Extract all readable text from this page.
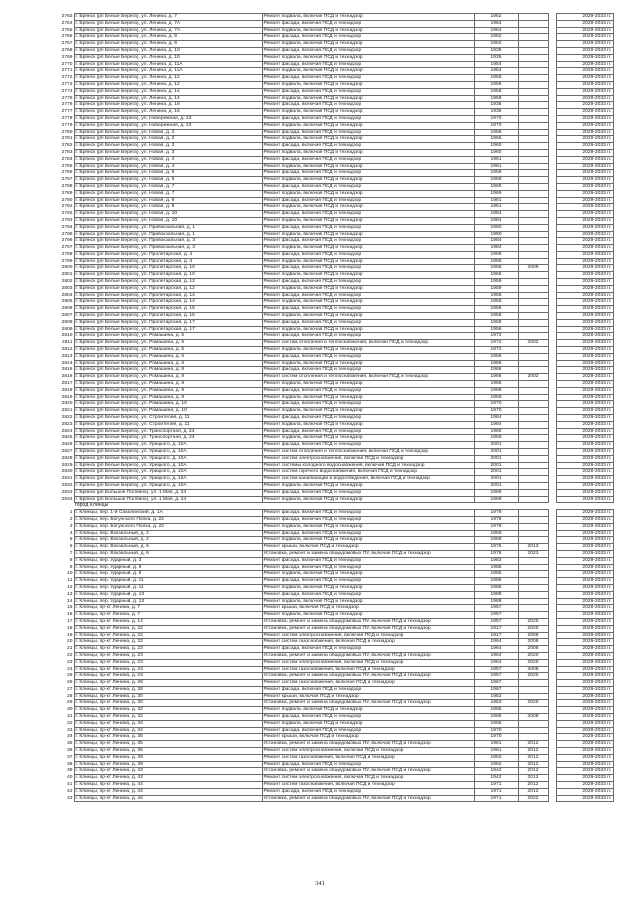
2763	г. Брянск (рп Белые Берега), ул. Ленина, д. 7	Ремонт подвала, включая ПСД и технадзор	1962			2029-2033 гг.
2764	г. Брянск (рп Белые Берега), ул. Ленина, д. 7А	Ремонт фасада, включая ПСД и технадзор	1964			2029-2033 гг.
2765	г. Брянск (рп Белые Берега), ул. Ленина, д. 7А	Ремонт подвала, включая ПСД и технадзор	1964			2029-2033 гг.
2766	г. Брянск (рп Белые Берега), ул. Ленина, д. 9	Ремонт фасада, включая ПСД и технадзор	1962			2029-2033 гг.
2767	г. Брянск (рп Белые Берега), ул. Ленина, д. 9	Ремонт подвала, включая ПСД и технадзор	1962			2029-2033 гг.
2768	г. Брянск (рп Белые Берега), ул. Ленина, д. 10	Ремонт фасада, включая ПСД и технадзор	1935			2029-2033 гг.
2769	г. Брянск (рп Белые Берега), ул. Ленина, д. 10	Ремонт подвала, включая ПСД и технадзор	1935			2029-2033 гг.
2770	г. Брянск (рп Белые Берега), ул. Ленина, д. 11А	Ремонт фасада, включая ПСД и технадзор	1954			2029-2033 гг.
2771	г. Брянск (рп Белые Берега), ул. Ленина, д. 11А	Ремонт подвала, включая ПСД и технадзор	1954			2029-2033 гг.
2772	г. Брянск (рп Белые Берега), ул. Ленина, д. 12	Ремонт фасада, включая ПСД и технадзор	1958			2029-2033 гг.
2773	г. Брянск (рп Белые Берега), ул. Ленина, д. 12	Ремонт подвала, включая ПСД и технадзор	1958			2029-2033 гг.
2774	г. Брянск (рп Белые Берега), ул. Ленина, д. 14	Ремонт фасада, включая ПСД и технадзор	1958			2029-2033 гг.
2775	г. Брянск (рп Белые Берега), ул. Ленина, д. 14	Ремонт подвала, включая ПСД и технадзор	1958			2029-2033 гг.
2776	г. Брянск (рп Белые Берега), ул. Ленина, д. 16	Ремонт фасада, включая ПСД и технадзор	1935			2029-2033 гг.
2777	г. Брянск (рп Белые Берега), ул. Ленина, д. 16	Ремонт подвала, включая ПСД и технадзор	1935			2029-2033 гг.
2778	г. Брянск (рп Белые Берега), ул. Набережная, д. 13	Ремонт фасада, включая ПСД и технадзор	1970			2029-2033 гг.
2779	г. Брянск (рп Белые Берега), ул. Набережная, д. 13	Ремонт подвала, включая ПСД и технадзор	1970			2029-2033 гг.
2780	г. Брянск (рп Белые Берега), ул. Новая, д. 2	Ремонт фасада, включая ПСД и технадзор	1966			2029-2033 гг.
2781	г. Брянск (рп Белые Берега), ул. Новая, д. 2	Ремонт подвала, включая ПСД и технадзор	1966			2029-2033 гг.
2782	г. Брянск (рп Белые Берега), ул. Новая, д. 3	Ремонт фасада, включая ПСД и технадзор	1960			2029-2033 гг.
2783	г. Брянск (рп Белые Берега), ул. Новая, д. 3	Ремонт подвала, включая ПСД и технадзор	1960			2029-2033 гг.
2784	г. Брянск (рп Белые Берега), ул. Новая, д. 4	Ремонт фасада, включая ПСД и технадзор	1961			2029-2033 гг.
2785	г. Брянск (рп Белые Берега), ул. Новая, д. 4	Ремонт подвала, включая ПСД и технадзор	1961			2029-2033 гг.
2786	г. Брянск (рп Белые Берега), ул. Новая, д. 5	Ремонт фасада, включая ПСД и технадзор	1959			2029-2033 гг.
2787	г. Брянск (рп Белые Берега), ул. Новая, д. 5	Ремонт подвала, включая ПСД и технадзор	1959			2029-2033 гг.
2788	г. Брянск (рп Белые Берега), ул. Новая, д. 7	Ремонт фасада, включая ПСД и технадзор	1969			2029-2033 гг.
2789	г. Брянск (рп Белые Берега), ул. Новая, д. 7	Ремонт подвала, включая ПСД и технадзор	1969			2029-2033 гг.
2790	г. Брянск (рп Белые Берега), ул. Новая, д. 8	Ремонт фасада, включая ПСД и технадзор	1961			2029-2033 гг.
2791	г. Брянск (рп Белые Берега), ул. Новая, д. 8	Ремонт подвала, включая ПСД и технадзор	1961			2029-2033 гг.
2792	г. Брянск (рп Белые Берега), ул. Новая, д. 10	Ремонт фасада, включая ПСД и технадзор	1984			2029-2033 гг.
2793	г. Брянск (рп Белые Берега), ул. Новая, д. 10	Ремонт подвала, включая ПСД и технадзор	1984			2029-2033 гг.
2794	г. Брянск (рп Белые Берега), ул. Привокзальная, д. 1	Ремонт фасада, включая ПСД и технадзор	1980			2029-2033 гг.
2795	г. Брянск (рп Белые Берега), ул. Привокзальная, д. 1	Ремонт подвала, включая ПСД и технадзор	1980			2029-2033 гг.
2796	г. Брянск (рп Белые Берега), ул. Привокзальная, д. 3	Ремонт фасада, включая ПСД и технадзор	1984			2029-2033 гг.
2797	г. Брянск (рп Белые Берега), ул. Привокзальная, д. 3	Ремонт подвала, включая ПСД и технадзор	1984			2029-2033 гг.
2798	г. Брянск (рп Белые Берега), ул. Пролетарская, д. 4	Ремонт фасада, включая ПСД и технадзор	1968			2029-2033 гг.
2799	г. Брянск (рп Белые Берега), ул. Пролетарская, д. 4	Ремонт подвала, включая ПСД и технадзор	1968			2029-2033 гг.
2800	г. Брянск (рп Белые Берега), ул. Пролетарская, д. 10	Ремонт фасада, включая ПСД и технадзор	1966	2009		2029-2033 гг.
2801	г. Брянск (рп Белые Берега), ул. Пролетарская, д. 10	Ремонт подвала, включая ПСД и технадзор	1966			2029-2033 гг.
2802	г. Брянск (рп Белые Берега), ул. Пролетарская, д. 12	Ремонт фасада, включая ПСД и технадзор	1959			2029-2033 гг.
2803	г. Брянск (рп Белые Берега), ул. Пролетарская, д. 12	Ремонт подвала, включая ПСД и технадзор	1959			2029-2033 гг.
2804	г. Брянск (рп Белые Берега), ул. Пролетарская, д. 14	Ремонт фасада, включая ПСД и технадзор	1958			2029-2033 гг.
2805	г. Брянск (рп Белые Берега), ул. Пролетарская, д. 14	Ремонт подвала, включая ПСД и технадзор	1958			2029-2033 гг.
2806	г. Брянск (рп Белые Берега), ул. Пролетарская, д. 15	Ремонт фасада, включая ПСД и технадзор	1958			2029-2033 гг.
2807	г. Брянск (рп Белые Берега), ул. Пролетарская, д. 15	Ремонт подвала, включая ПСД и технадзор	1958			2029-2033 гг.
2808	г. Брянск (рп Белые Берега), ул. Пролетарская, д. 17	Ремонт фасада, включая ПСД и технадзор	1958			2029-2033 гг.
2809	г. Брянск (рп Белые Берега), ул. Пролетарская, д. 17	Ремонт подвала, включая ПСД и технадзор	1958			2029-2033 гг.
2810	г. Брянск (рп Белые Берега), ул. Ромашина, д. 5	Ремонт фасада, включая ПСД и технадзор	1972			2029-2033 гг.
2811	г. Брянск (рп Белые Берега), ул. Ромашина, д. 5	Ремонт систем отопления и теплоснабжения, включая ПСД и технадзор	1972	2002		2029-2033 гг.
2812	г. Брянск (рп Белые Берега), ул. Ромашина, д. 5	Ремонт подвала, включая ПСД и технадзор	1972			2029-2033 гг.
2813	г. Брянск (рп Белые Берега), ул. Ромашина, д. 6	Ремонт фасада, включая ПСД и технадзор	1966			2029-2033 гг.
2814	г. Брянск (рп Белые Берега), ул. Ромашина, д. 6	Ремонт подвала, включая ПСД и технадзор	1966			2029-2033 гг.
2815	г. Брянск (рп Белые Берега), ул. Ромашина, д. 8	Ремонт фасада, включая ПСД и технадзор	1966			2029-2033 гг.
2816	г. Брянск (рп Белые Берега), ул. Ромашина, д. 8	Ремонт систем отопления и теплоснабжения, включая ПСД и технадзор	1966	2002		2029-2033 гг.
2817	г. Брянск (рп Белые Берега), ул. Ромашина, д. 8	Ремонт подвала, включая ПСД и технадзор	1966			2029-2033 гг.
2818	г. Брянск (рп Белые Берега), ул. Ромашина, д. 9	Ремонт фасада, включая ПСД и технадзор	1969			2029-2033 гг.
2819	г. Брянск (рп Белые Берега), ул. Ромашина, д. 9	Ремонт подвала, включая ПСД и технадзор	1969			2029-2033 гг.
2820	г. Брянск (рп Белые Берега), ул. Ромашина, д. 10	Ремонт фасада, включая ПСД и технадзор	1970			2029-2033 гг.
2821	г. Брянск (рп Белые Берега), ул. Ромашина, д. 10	Ремонт подвала, включая ПСД и технадзор	1970			2029-2033 гг.
2822	г. Брянск (рп Белые Берега), ул. Строителей, д. 11	Ремонт фасада, включая ПСД и технадзор	1984			2029-2033 гг.
2823	г. Брянск (рп Белые Берега), ул. Строителей, д. 11	Ремонт подвала, включая ПСД и технадзор	1984			2029-2033 гг.
2824	г. Брянск (рп Белые Берега), ул. Транспортная, д. 24	Ремонт фасада, включая ПСД и технадзор	1969			2029-2033 гг.
2825	г. Брянск (рп Белые Берега), ул. Транспортная, д. 24	Ремонт подвала, включая ПСД и технадзор	1969			2029-2033 гг.
2826	г. Брянск (рп Белые Берега), ул. Урицкого, д. 10А	Ремонт фасада, включая ПСД и технадзор	2001			2029-2033 гг.
2827	г. Брянск (рп Белые Берега), ул. Урицкого, д. 10А	Ремонт систем отопления и теплоснабжения, включая ПСД и технадзор	2001			2029-2033 гг.
2828	г. Брянск (рп Белые Берега), ул. Урицкого, д. 10А	Ремонт систем электроснабжения, включая ПСД и технадзор	2001			2029-2033 гг.
2829	г. Брянск (рп Белые Берега), ул. Урицкого, д. 10А	Ремонт системы холодного водоснабжения, включая ПСД и технадзор	2001			2029-2033 гг.
2830	г. Брянск (рп Белые Берега), ул. Урицкого, д. 10А	Ремонт систем горячего водоснабжения, включая ПСД и технадзор	2001			2029-2033 гг.
2831	г. Брянск (рп Белые Берега), ул. Урицкого, д. 10А	Ремонт систем канализации и водоотведения, включая ПСД и технадзор	2001			2029-2033 гг.
2832	г. Брянск (рп Белые Берега), ул. Урицкого, д. 10А	Ремонт подвала, включая ПСД и технадзор	2001			2029-2033 гг.
2833	г. Брянск (рп Большое Полпино), ул. 1 Мая, д. 24	Ремонт фасада, включая ПСД и технадзор	1969			2029-2033 гг.
2834	г. Брянск (рп Большое Полпино), ул. 1 Мая, д. 24	Ремонт подвала, включая ПСД и технадзор	1969			2029-2033 гг.
	город Клинцы					
1	г. Клинцы, пер. 1-й Сахалинский, д. 1А	Ремонт фасада, включая ПСД и технадзор	1978			2029-2033 гг.
2	г. Клинцы, пер. Богунского Полка, д. 22	Ремонт фасада, включая ПСД и технадзор	1976			2029-2033 гг.
3	г. Клинцы, пер. Богунского Полка, д. 22	Ремонт подвала, включая ПСД и технадзор	1976			2029-2033 гг.
4	г. Клинцы, пер. Вокзальный, д. 2	Ремонт фасада, включая ПСД и технадзор	1969			2029-2033 гг.
5	г. Клинцы, пер. Вокзальный, д. 2	Ремонт подвала, включая ПСД и технадзор	1969			2029-2033 гг.
6	г. Клинцы, пер. Вокзальный, д. 6	Ремонт крыши, включая ПСД и технадзор	1976	2013		2029-2033 гг.
7	г. Клинцы, пер. Вокзальный, д. 6	Установка, ремонт и замена общедомовых ПУ, включая ПСД и технадзор	1976	2023		2029-2033 гг.
8	г. Клинцы, пер. Ударный, д. 3	Ремонт фасада, включая ПСД и технадзор	1983			2029-2033 гг.
9	г. Клинцы, пер. Ударный, д. 9	Ремонт фасада, включая ПСД и технадзор	1985			2029-2033 гг.
10	г. Клинцы, пер. Ударный, д. 9	Ремонт подвала, включая ПСД и технадзор	1985			2029-2033 гг.
11	г. Клинцы, пер. Ударный, д. 11	Ремонт фасада, включая ПСД и технадзор	1986			2029-2033 гг.
12	г. Клинцы, пер. Ударный, д. 11	Ремонт подвала, включая ПСД и технадзор	1986			2029-2033 гг.
13	г. Клинцы, пер. Ударный, д. 13	Ремонт фасада, включая ПСД и технадзор	1988			2029-2033 гг.
14	г. Клинцы, пер. Ударный, д. 13	Ремонт подвала, включая ПСД и технадзор	1988			2029-2033 гг.
15	г. Клинцы, пр-кт Ленина, д. 7	Ремонт крыши, включая ПСД и технадзор	1957			2029-2033 гг.
16	г. Клинцы, пр-кт Ленина, д. 7	Ремонт подвала, включая ПСД и технадзор	1957			2029-2033 гг.
17	г. Клинцы, пр-кт Ленина, д. 14	Установка, ремонт и замена общедомовых ПУ, включая ПСД и технадзор	1957	2020		2029-2033 гг.
18	г. Клинцы, пр-кт Ленина, д. 22	Установка, ремонт и замена общедомовых ПУ, включая ПСД и технадзор	1917	2020		2029-2033 гг.
19	г. Клинцы, пр-кт Ленина, д. 22	Ремонт систем электроснабжения, включая ПСД и технадзор	1917	2009		2029-2033 гг.
20	г. Клинцы, пр-кт Ленина, д. 22	Ремонт систем газоснабжения, включая ПСД и технадзор	1964	2009		2029-2033 гг.
21	г. Клинцы, пр-кт Ленина, д. 23	Ремонт фасада, включая ПСД и технадзор	1964	2008		2029-2033 гг.
22	г. Клинцы, пр-кт Ленина, д. 23	Установка, ремонт и замена общедомовых ПУ, включая ПСД и технадзор	1964	2020		2029-2033 гг.
23	г. Клинцы, пр-кт Ленина, д. 23	Ремонт систем электроснабжения, включая ПСД и технадзор	1964	2020		2029-2033 гг.
24	г. Клинцы, пр-кт Ленина, д. 24	Ремонт систем газоснабжения, включая ПСД и технадзор	1957	2008		2029-2033 гг.
25	г. Клинцы, пр-кт Ленина, д. 24	Установка, ремонт и замена общедомовых ПУ, включая ПСД и технадзор	1957	2020		2029-2033 гг.
26	г. Клинцы, пр-кт Ленина, д. 26	Ремонт систем газоснабжения, включая ПСД и технадзор	1967			2029-2033 гг.
27	г. Клинцы, пр-кт Ленина, д. 28	Ремонт фасада, включая ПСД и технадзор	1967			2029-2033 гг.
28	г. Клинцы, пр-кт Ленина, д. 30	Ремонт крыши, включая ПСД и технадзор	1952			2029-2033 гг.
29	г. Клинцы, пр-кт Ленина, д. 30	Установка, ремонт и замена общедомовых ПУ, включая ПСД и технадзор	1953	2020		2029-2033 гг.
30	г. Клинцы, пр-кт Ленина, д. 32	Ремонт подвала, включая ПСД и технадзор	1965			2029-2033 гг.
31	г. Клинцы, пр-кт Ленина, д. 32	Ремонт фасада, включая ПСД и технадзор	1965	2008		2029-2033 гг.
32	г. Клинцы, пр-кт Ленина, д. 34	Ремонт подвала, включая ПСД и технадзор	1965			2029-2033 гг.
33	г. Клинцы, пр-кт Ленина, д. 34	Ремонт фасада, включая ПСД и технадзор	1970			2029-2033 гг.
34	г. Клинцы, пр-кт Ленина, д. 35	Ремонт крыши, включая ПСД и технадзор	1970			2029-2033 гг.
35	г. Клинцы, пр-кт Ленина, д. 35	Установка, ремонт и замена общедомовых ПУ, включая ПСД и технадзор	1961	2012		2029-2033 гг.
36	г. Клинцы, пр-кт Ленина, д. 35	Ремонт систем электроснабжения, включая ПСД и технадзор	1961	2012		2029-2033 гг.
37	г. Клинцы, пр-кт Ленина, д. 39	Ремонт систем газоснабжения, включая ПСД и технадзор	1962	2012		2029-2033 гг.
38	г. Клинцы, пр-кт Ленина, д. 39	Ремонт фасада, включая ПСД и технадзор	1962	2012		2029-2033 гг.
39	г. Клинцы, пр-кт Ленина, д. 43	Установка, ремонт и замена общедомовых ПУ, включая ПСД и технадзор	1942	2012		2029-2033 гг.
40	г. Клинцы, пр-кт Ленина, д. 43	Ремонт систем электроснабжения, включая ПСД и технадзор	1942	2012		2029-2033 гг.
41	г. Клинцы, пр-кт Ленина, д. 44	Ремонт систем газоснабжения, включая ПСД и технадзор	1971	2012		2029-2033 гг.
42	г. Клинцы, пр-кт Ленина, д. 44	Ремонт фасада, включая ПСД и технадзор	1971	2012		2029-2033 гг.
43	г. Клинцы, пр-кт Ленина, д. 44	Установка, ремонт и замена общедомовых ПУ, включая ПСД и технадзор	1971	2022		2029-2033 гг.
341
